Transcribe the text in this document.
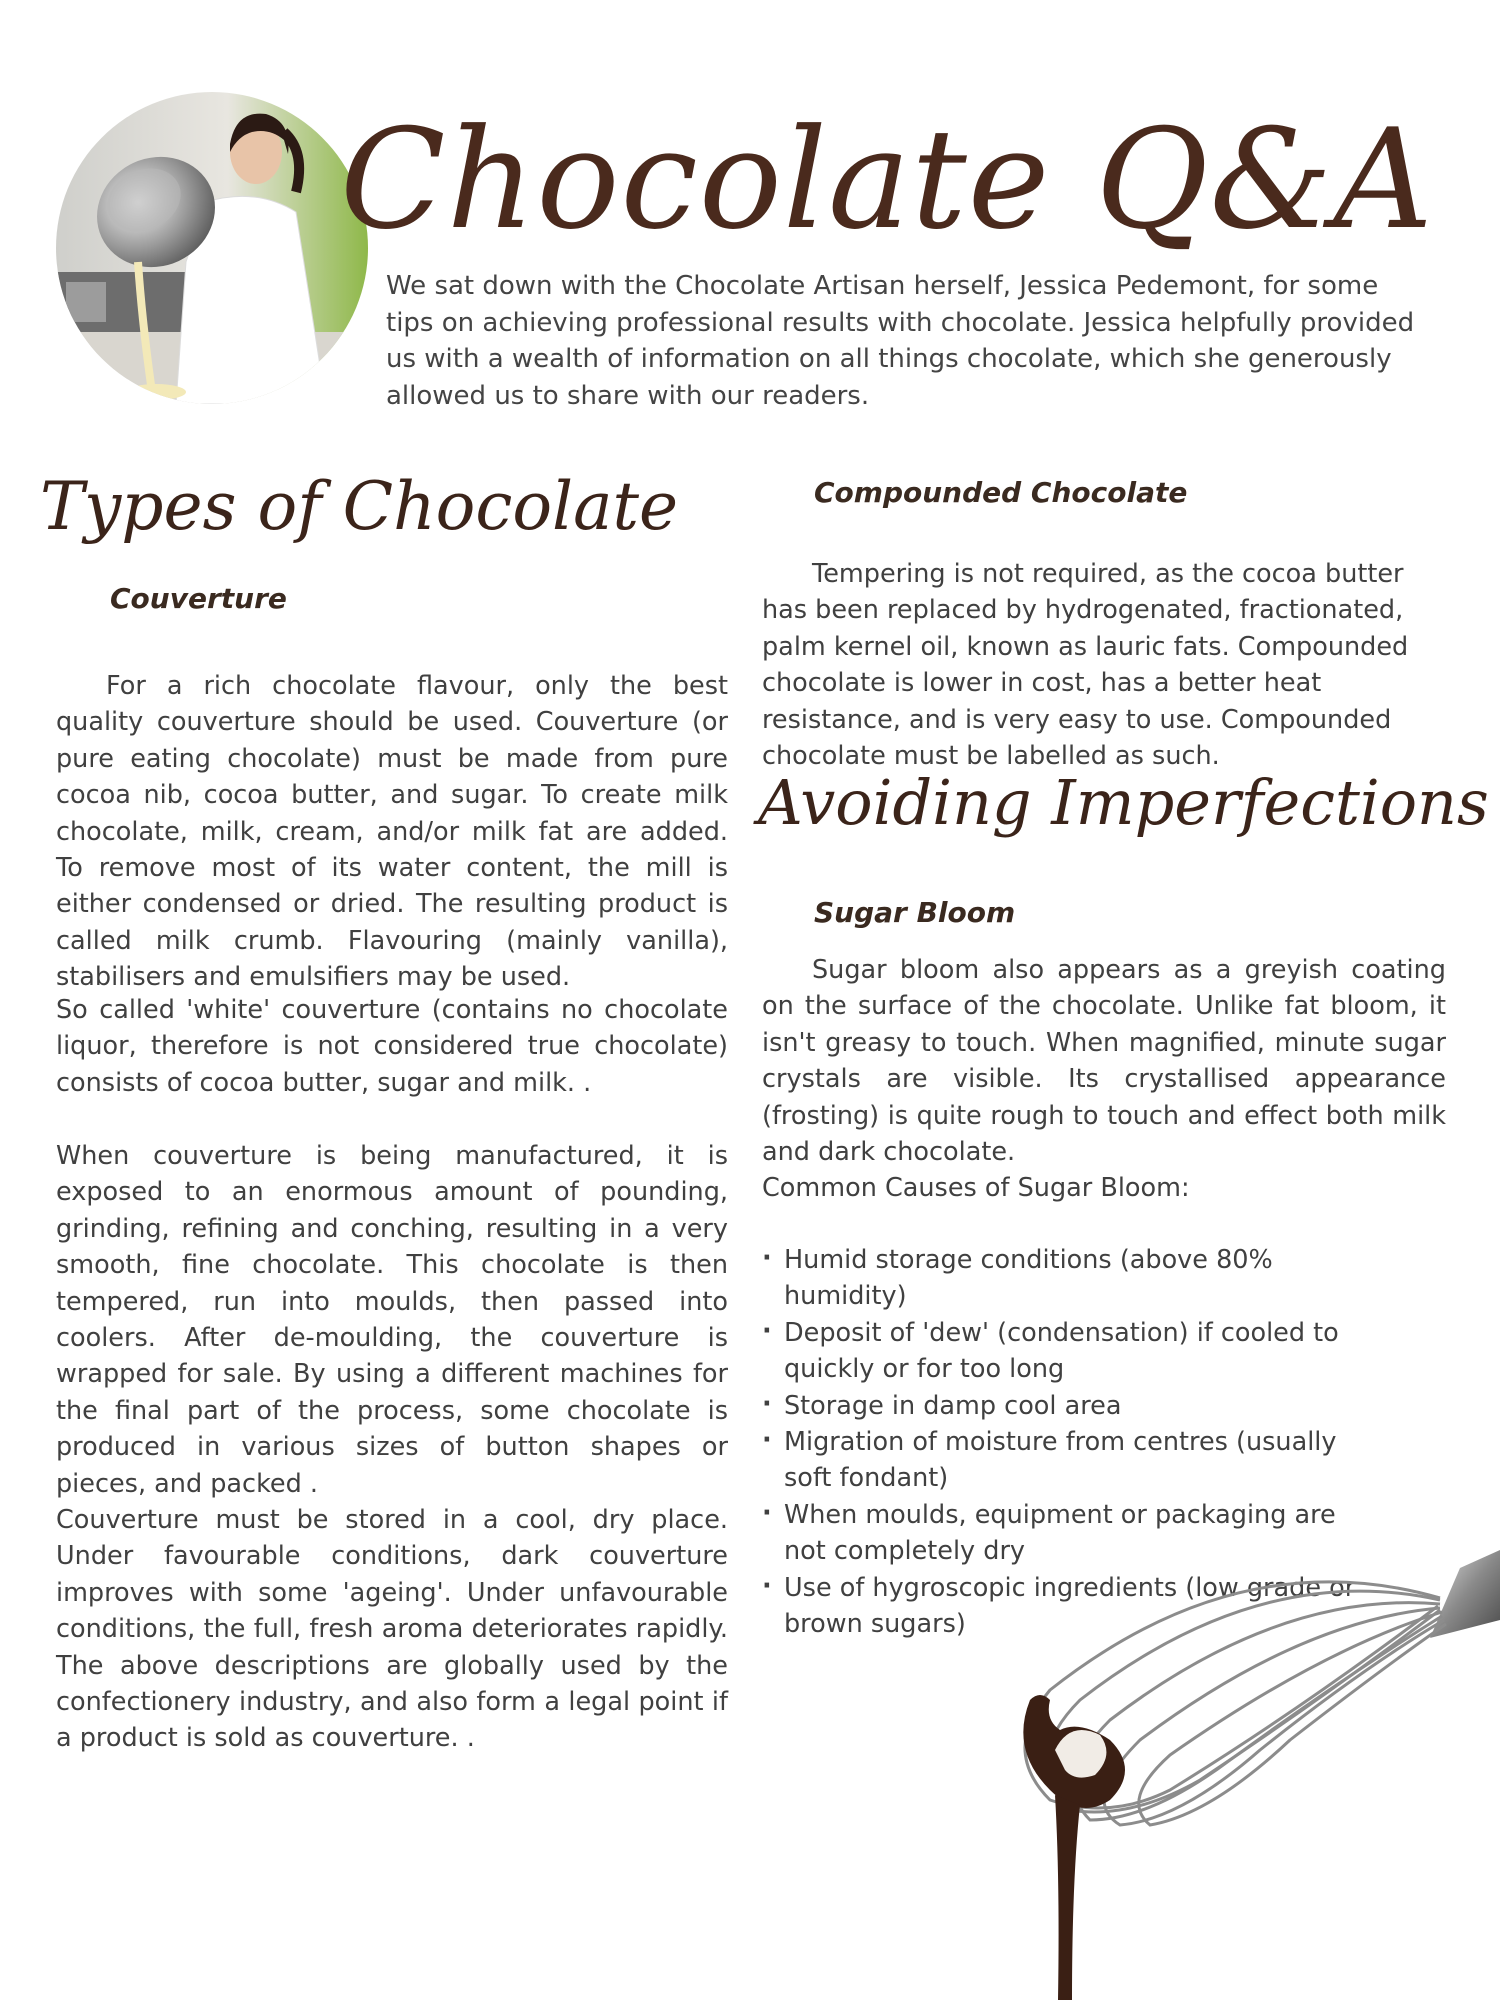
Chocolate Q&A

We sat down with the Chocolate Artisan herself, Jessica Pedemont, for some tips on achieving professional results with chocolate. Jessica helpfully provided us with a wealth of information on all things chocolate, which she generously allowed us to share with our readers.

Types of Chocolate
Couverture

For a rich chocolate flavour, only the best quality couverture should be used. Couverture (or pure eating chocolate) must be made from pure cocoa nib, cocoa butter, and sugar. To create milk chocolate, milk, cream, and/or milk fat are added. To remove most of its water content, the mill is either condensed or dried. The resulting product is called milk crumb. Flavouring (mainly vanilla), stabilisers and emulsifiers may be used.

So called 'white' couverture (contains no chocolate liquor, therefore is not considered true chocolate) consists of cocoa butter, sugar and milk. .

When couverture is being manufactured, it is exposed to an enormous amount of pounding, grinding, refining and conching, resulting in a very smooth, fine chocolate. This chocolate is then tempered, run into moulds, then passed into coolers. After de-moulding, the couverture is wrapped for sale. By using a different machines for the final part of the process, some chocolate is produced in various sizes of button shapes or pieces, and packed .

Couverture must be stored in a cool, dry place. Under favourable conditions, dark couverture improves with some 'ageing'. Under unfavourable conditions, the full, fresh aroma deteriorates rapidly. The above descriptions are globally used by the confectionery industry, and also form a legal point if a product is sold as couverture. .

Compounded Chocolate

Tempering is not required, as the cocoa butter has been replaced by hydrogenated, fractionated, palm kernel oil, known as lauric fats. Compounded chocolate is lower in cost, has a better heat resistance, and is very easy to use. Compounded chocolate must be labelled as such.

Avoiding Imperfections
Sugar Bloom

Sugar bloom also appears as a greyish coating on the surface of the chocolate. Unlike fat bloom, it isn't greasy to touch. When magnified, minute sugar crystals are visible. Its crystallised appearance (frosting) is quite rough to touch and effect both milk and dark chocolate.

Common Causes of Sugar Bloom:

· Humid storage conditions (above 80% humidity)
· Deposit of 'dew' (condensation) if cooled to quickly or for too long
· Storage in damp cool area
· Migration of moisture from centres (usually soft fondant)
· When moulds, equipment or packaging are not completely dry
· Use of hygroscopic ingredients (low grade or brown sugars)
